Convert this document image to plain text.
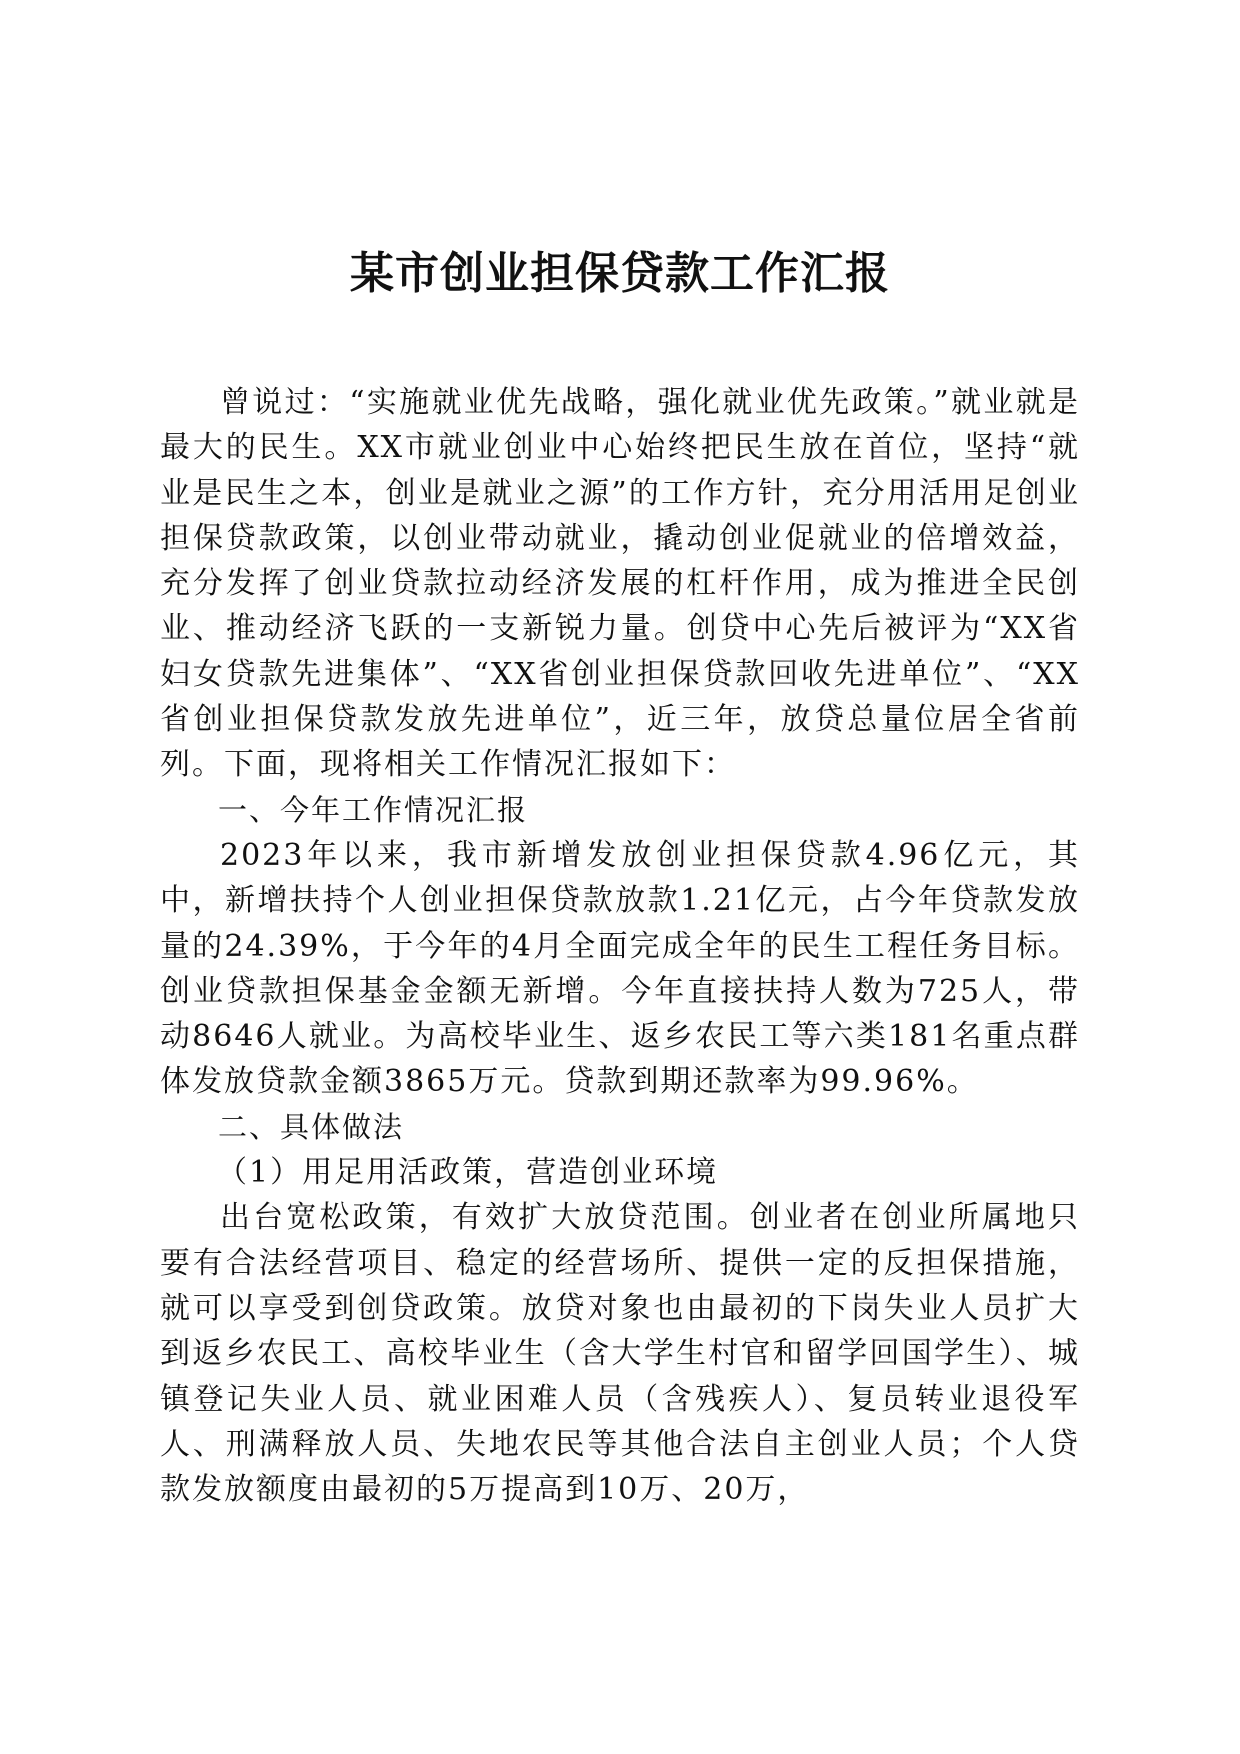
某市创业担保贷款工作汇报

曾说过：“实施就业优先战略，强化就业优先政策。”就业就是最大的民生。XX市就业创业中心始终把民生放在首位，坚持“就业是民生之本，创业是就业之源”的工作方针，充分用活用足创业担保贷款政策，以创业带动就业，撬动创业促就业的倍增效益，充分发挥了创业贷款拉动经济发展的杠杆作用，成为推进全民创业、推动经济飞跃的一支新锐力量。创贷中心先后被评为“XX省妇女贷款先进集体”、“XX省创业担保贷款回收先进单位”、“XX省创业担保贷款发放先进单位”，近三年，放贷总量位居全省前列。下面，现将相关工作情况汇报如下：

一、今年工作情况汇报

2023年以来，我市新增发放创业担保贷款4.96亿元，其中，新增扶持个人创业担保贷款放款1.21亿元，占今年贷款发放量的24.39%，于今年的4月全面完成全年的民生工程任务目标。创业贷款担保基金金额无新增。今年直接扶持人数为725人，带动8646人就业。为高校毕业生、返乡农民工等六类181名重点群体发放贷款金额3865万元。贷款到期还款率为99.96%。

二、具体做法

（1）用足用活政策，营造创业环境

出台宽松政策，有效扩大放贷范围。创业者在创业所属地只要有合法经营项目、稳定的经营场所、提供一定的反担保措施，就可以享受到创贷政策。放贷对象也由最初的下岗失业人员扩大到返乡农民工、高校毕业生（含大学生村官和留学回国学生）、城镇登记失业人员、就业困难人员（含残疾人）、复员转业退役军人、刑满释放人员、失地农民等其他合法自主创业人员；个人贷款发放额度由最初的5万提高到10万、20万，
